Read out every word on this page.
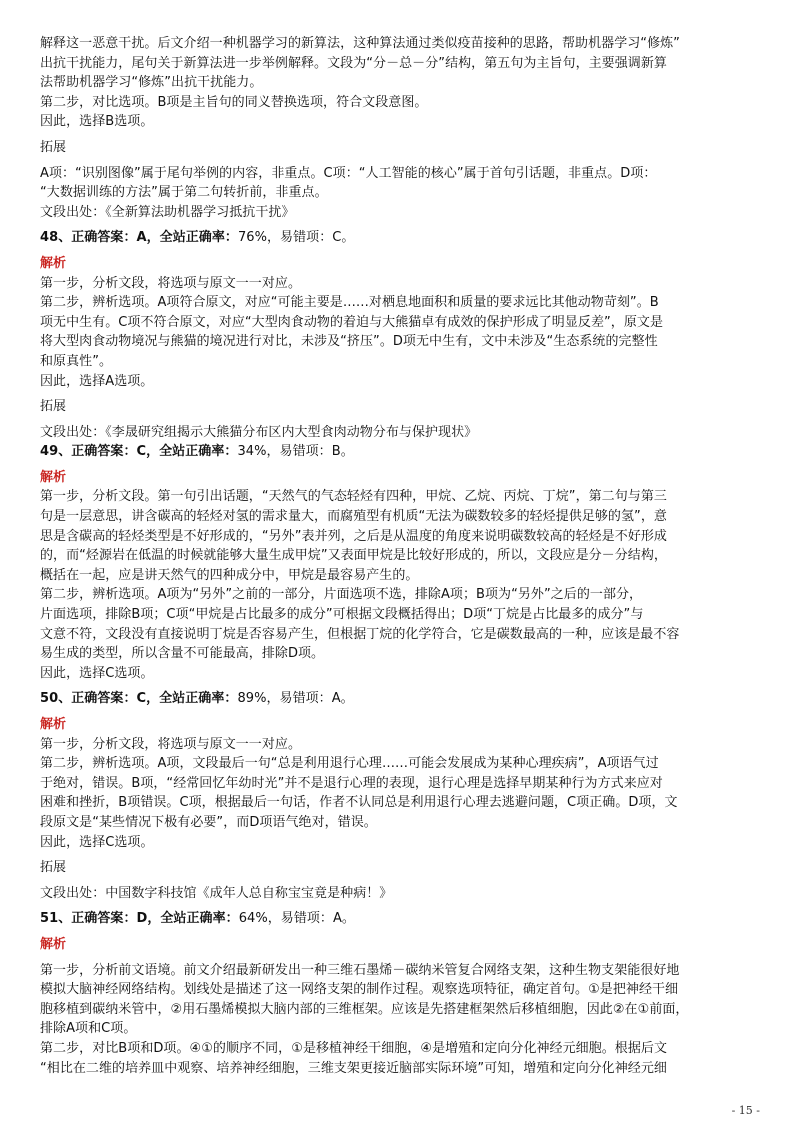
解释这一恶意干扰。后文介绍一种机器学习的新算法，这种算法通过类似疫苗接种的思路，帮助机器学习“修炼”
出抗干扰能力，尾句关于新算法进一步举例解释。文段为“分－总－分”结构，第五句为主旨句，主要强调新算
法帮助机器学习“修炼”出抗干扰能力。
第二步，对比选项。B项是主旨句的同义替换选项，符合文段意图。
因此，选择B选项。
拓展
A项：“识别图像”属于尾句举例的内容，非重点。C项：“人工智能的核心”属于首句引话题，非重点。D项：
“大数据训练的方法”属于第二句转折前，非重点。
文段出处：《全新算法助机器学习抵抗干扰》
48、正确答案：A，全站正确率：76%，易错项：C。
解析
第一步，分析文段，将选项与原文一一对应。
第二步，辨析选项。A项符合原文，对应“可能主要是……对栖息地面积和质量的要求远比其他动物苛刻”。B
项无中生有。C项不符合原文，对应“大型肉食动物的着迫与大熊猫卓有成效的保护形成了明显反差”，原文是
将大型肉食动物境况与熊猫的境况进行对比，未涉及“挤压”。D项无中生有，文中未涉及“生态系统的完整性
和原真性”。
因此，选择A选项。
拓展
文段出处：《李晟研究组揭示大熊猫分布区内大型食肉动物分布与保护现状》
49、正确答案：C，全站正确率：34%，易错项：B。
解析
第一步，分析文段。第一句引出话题，“天然气的气态轻烃有四种，甲烷、乙烷、丙烷、丁烷”，第二句与第三
句是一层意思，讲含碳高的轻烃对氢的需求量大，而腐殖型有机质“无法为碳数较多的轻烃提供足够的氢”，意
思是含碳高的轻烃类型是不好形成的，“另外”表并列，之后是从温度的角度来说明碳数较高的轻烃是不好形成
的，而“烃源岩在低温的时候就能够大量生成甲烷”又表面甲烷是比较好形成的，所以，文段应是分－分结构，
概括在一起，应是讲天然气的四种成分中，甲烷是最容易产生的。
第二步，辨析选项。A项为“另外”之前的一部分，片面选项不选，排除A项；B项为“另外”之后的一部分，
片面选项，排除B项；C项“甲烷是占比最多的成分”可根据文段概括得出；D项“丁烷是占比最多的成分”与
文意不符，文段没有直接说明丁烷是否容易产生，但根据丁烷的化学符合，它是碳数最高的一种，应该是最不容
易生成的类型，所以含量不可能最高，排除D项。
因此，选择C选项。
50、正确答案：C，全站正确率：89%，易错项：A。
解析
第一步，分析文段，将选项与原文一一对应。
第二步，辨析选项。A项，文段最后一句“总是利用退行心理……可能会发展成为某种心理疾病”，A项语气过
于绝对，错误。B项，“经常回忆年幼时光”并不是退行心理的表现，退行心理是选择早期某种行为方式来应对
困难和挫折，B项错误。C项，根据最后一句话，作者不认同总是利用退行心理去逃避问题，C项正确。D项，文
段原文是“某些情况下极有必要”，而D项语气绝对，错误。
因此，选择C选项。
拓展
文段出处：中国数字科技馆《成年人总自称宝宝竟是种病！》
51、正确答案：D，全站正确率：64%，易错项：A。
解析
第一步，分析前文语境。前文介绍最新研发出一种三维石墨烯－碳纳米管复合网络支架，这种生物支架能很好地
模拟大脑神经网络结构。划线处是描述了这一网络支架的制作过程。观察选项特征，确定首句。①是把神经干细
胞移植到碳纳米管中，②用石墨烯模拟大脑内部的三维框架。应该是先搭建框架然后移植细胞，因此②在①前面，
排除A项和C项。
第二步，对比B项和D项。④①的顺序不同，①是移植神经干细胞，④是增殖和定向分化神经元细胞。根据后文
“相比在二维的培养皿中观察、培养神经细胞，三维支架更接近脑部实际环境”可知，增殖和定向分化神经元细
- 15 -
